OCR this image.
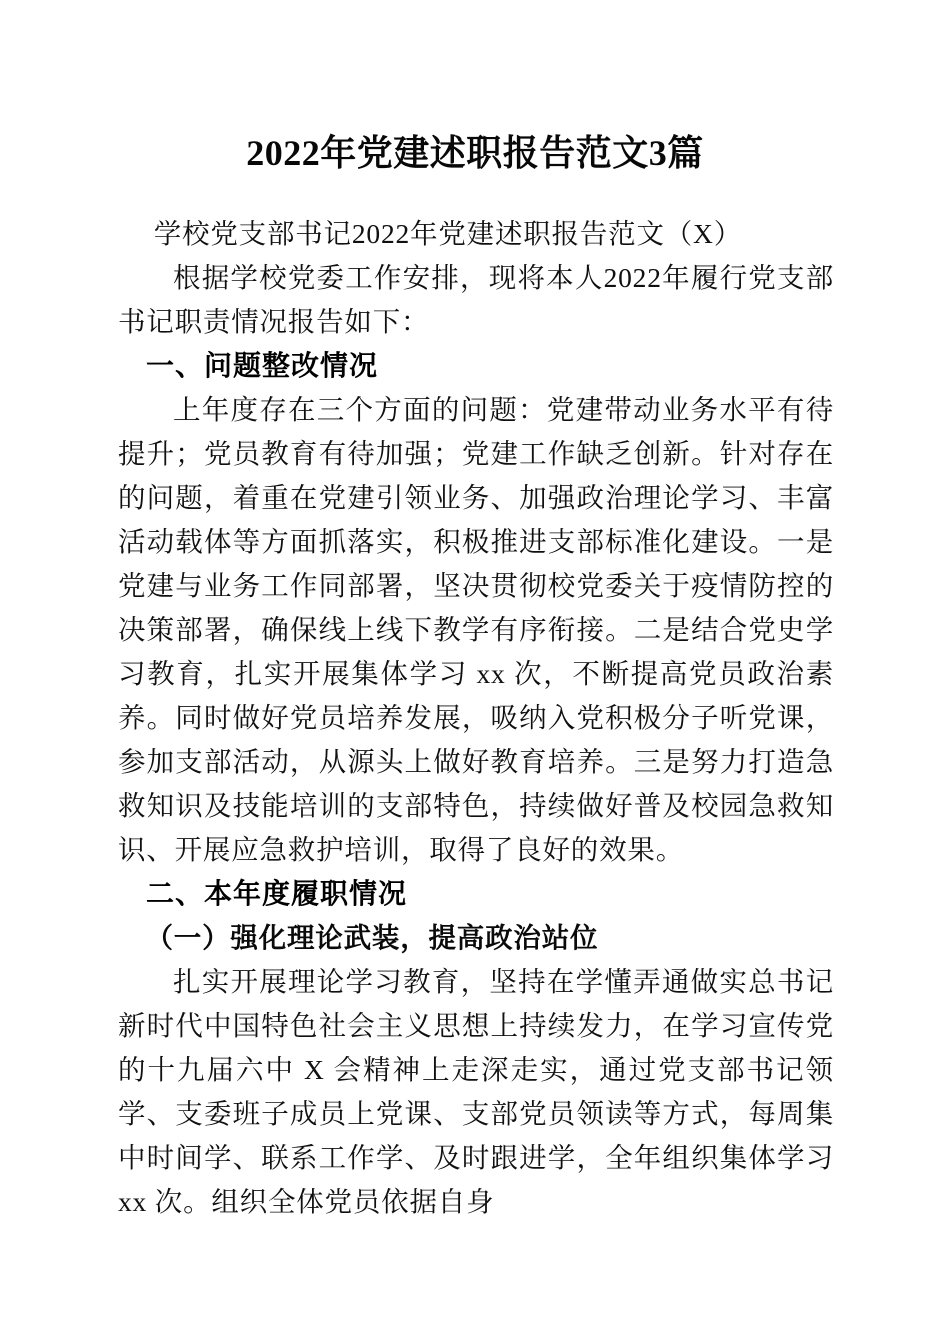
2022年党建述职报告范文3篇

学校党支部书记2022年党建述职报告范文（X）

根据学校党委工作安排，现将本人2022年履行党支部书记职责情况报告如下：

一、问题整改情况

上年度存在三个方面的问题：党建带动业务水平有待提升；党员教育有待加强；党建工作缺乏创新。针对存在的问题，着重在党建引领业务、加强政治理论学习、丰富活动载体等方面抓落实，积极推进支部标准化建设。一是党建与业务工作同部署，坚决贯彻校党委关于疫情防控的决策部署，确保线上线下教学有序衔接。二是结合党史学习教育，扎实开展集体学习 xx 次，不断提高党员政治素养。同时做好党员培养发展，吸纳入党积极分子听党课，参加支部活动，从源头上做好教育培养。三是努力打造急救知识及技能培训的支部特色，持续做好普及校园急救知识、开展应急救护培训，取得了良好的效果。

二、本年度履职情况
（一）强化理论武装，提高政治站位

扎实开展理论学习教育，坚持在学懂弄通做实总书记新时代中国特色社会主义思想上持续发力，在学习宣传党的十九届六中 X 会精神上走深走实，通过党支部书记领学、支委班子成员上党课、支部党员领读等方式，每周集中时间学、联系工作学、及时跟进学，全年组织集体学习 xx 次。组织全体党员依据自身
